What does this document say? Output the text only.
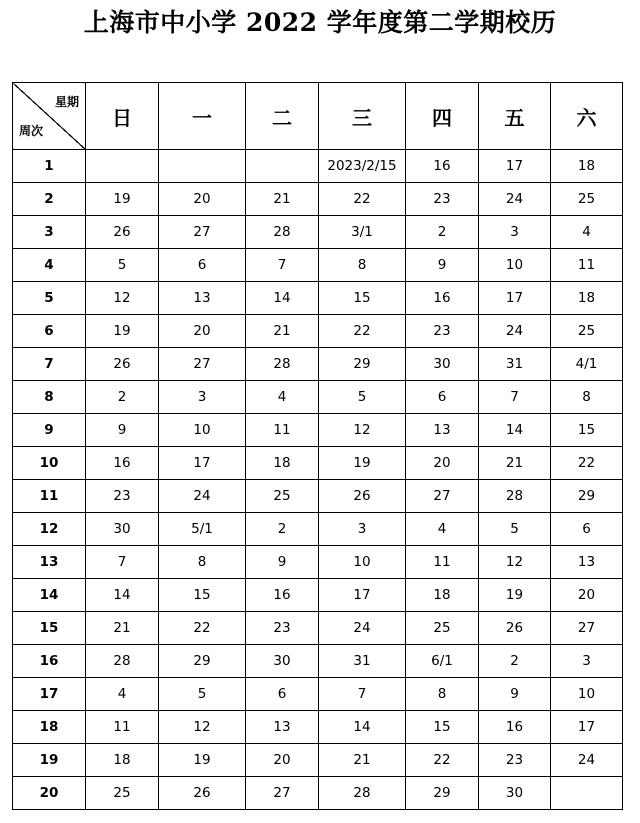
上海市中小学 2022 学年度第二学期校历
星期
周次	日	一	二	三	四	五	六
1				2023/2/15	16	17	18
2	19	20	21	22	23	24	25
3	26	27	28	3/1	2	3	4
4	5	6	7	8	9	10	11
5	12	13	14	15	16	17	18
6	19	20	21	22	23	24	25
7	26	27	28	29	30	31	4/1
8	2	3	4	5	6	7	8
9	9	10	11	12	13	14	15
10	16	17	18	19	20	21	22
11	23	24	25	26	27	28	29
12	30	5/1	2	3	4	5	6
13	7	8	9	10	11	12	13
14	14	15	16	17	18	19	20
15	21	22	23	24	25	26	27
16	28	29	30	31	6/1	2	3
17	4	5	6	7	8	9	10
18	11	12	13	14	15	16	17
19	18	19	20	21	22	23	24
20	25	26	27	28	29	30	
